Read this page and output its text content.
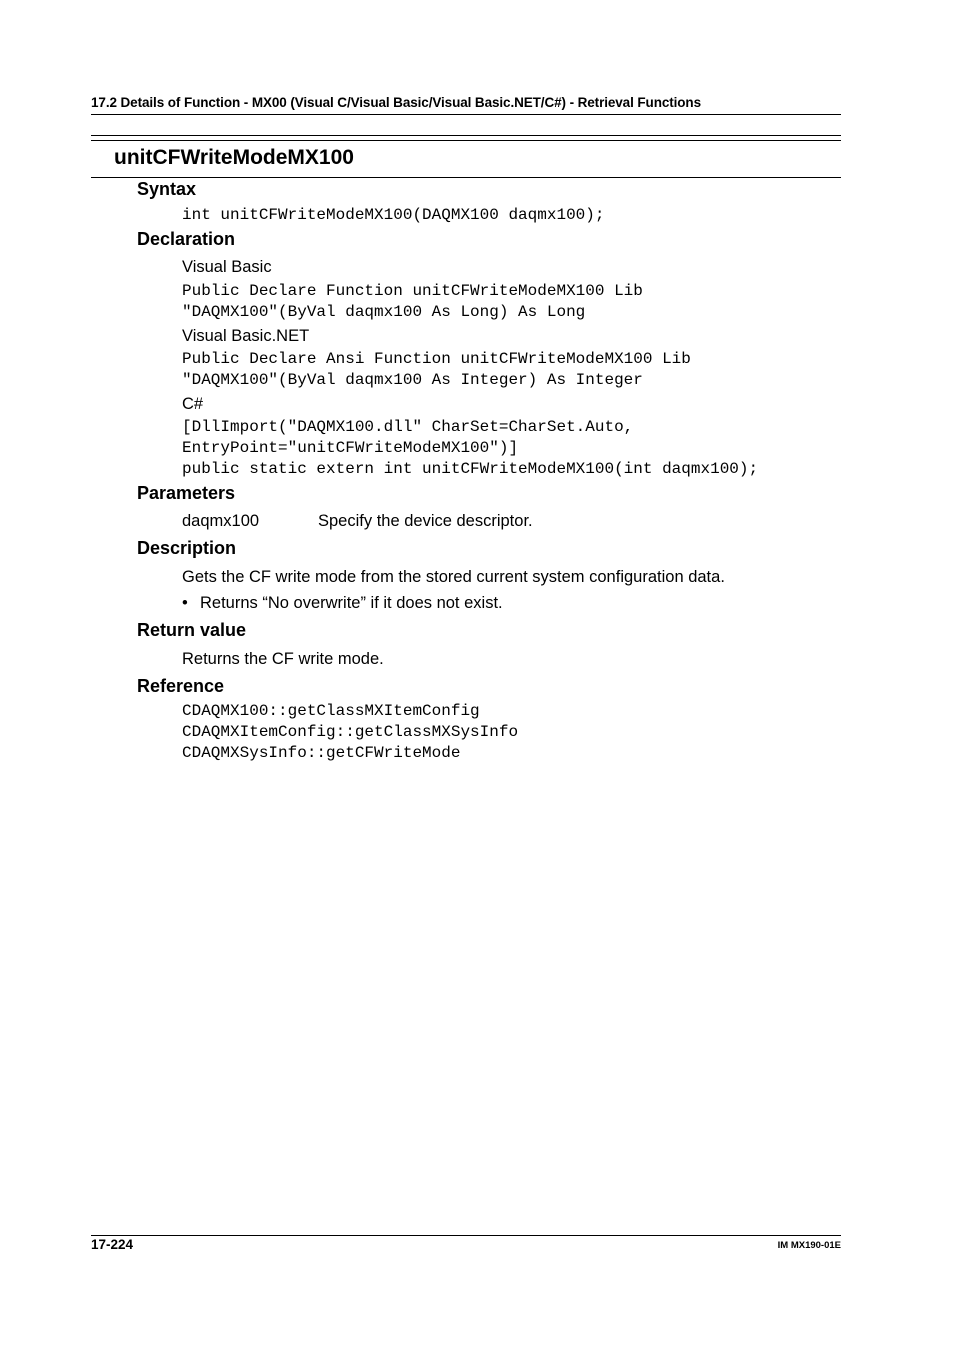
17.2 Details of Function - MX00 (Visual C/Visual Basic/Visual Basic.NET/C#) - Retrieval Functions
unitCFWriteModeMX100
Syntax
int unitCFWriteModeMX100(DAQMX100 daqmx100);
Declaration
Visual Basic
Public Declare Function unitCFWriteModeMX100 Lib
"DAQMX100"(ByVal daqmx100 As Long) As Long
Visual Basic.NET
Public Declare Ansi Function unitCFWriteModeMX100 Lib
"DAQMX100"(ByVal daqmx100 As Integer) As Integer
C#
[DllImport("DAQMX100.dll" CharSet=CharSet.Auto,
EntryPoint="unitCFWriteModeMX100")]
public static extern int unitCFWriteModeMX100(int daqmx100);
Parameters
daqmx100	Specify the device descriptor.
Description
Gets the CF write mode from the stored current system configuration data.
• Returns “No overwrite” if it does not exist.
Return value
Returns the CF write mode.
Reference
CDAQMX100::getClassMXItemConfig
CDAQMXItemConfig::getClassMXSysInfo
CDAQMXSysInfo::getCFWriteMode
17-224	IM MX190-01E
